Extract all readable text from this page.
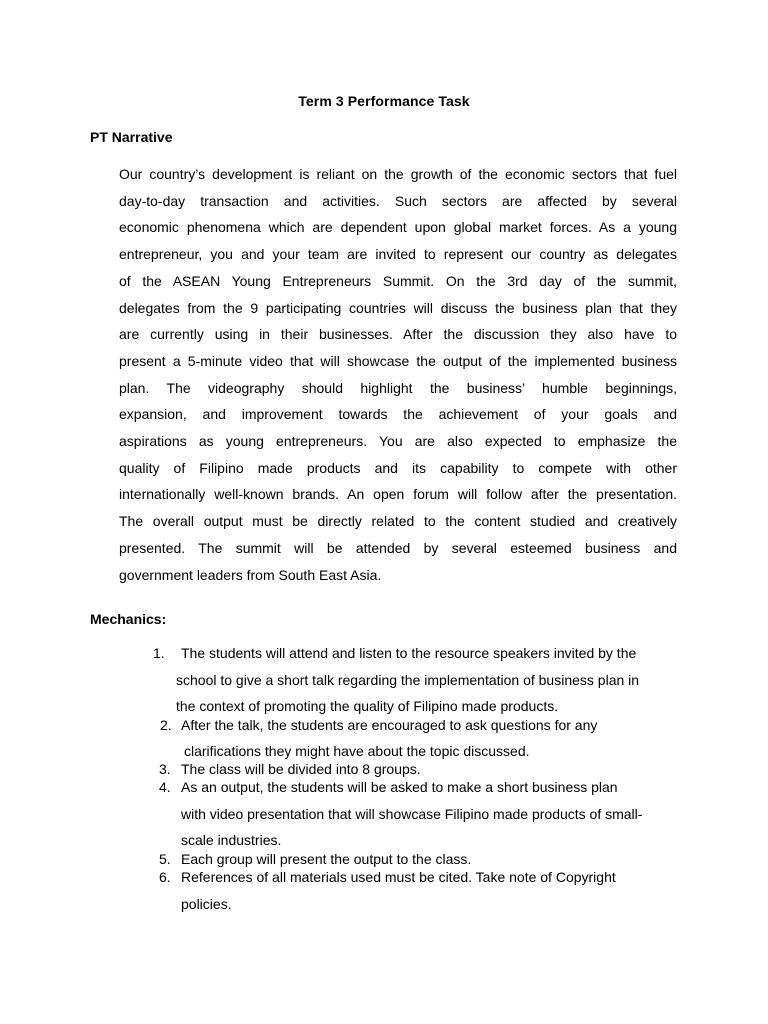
Term 3 Performance Task
PT Narrative
Our country’s development is reliant on the growth of the economic sectors that fuel
day-to-day transaction and activities. Such sectors are affected by several
economic phenomena which are dependent upon global market forces. As a young
entrepreneur, you and your team are invited to represent our country as delegates
of the ASEAN Young Entrepreneurs Summit. On the 3rd day of the summit,
delegates from the 9 participating countries will discuss the business plan that they
are currently using in their businesses. After the discussion they also have to
present a 5-minute video that will showcase the output of the implemented business
plan. The videography should highlight the business’ humble beginnings,
expansion, and improvement towards the achievement of your goals and
aspirations as young entrepreneurs. You are also expected to emphasize the
quality of Filipino made products and its capability to compete with other
internationally well-known brands. An open forum will follow after the presentation.
The overall output must be directly related to the content studied and creatively
presented. The summit will be attended by several esteemed business and
government leaders from South East Asia.
Mechanics:
1. The students will attend and listen to the resource speakers invited by the
school to give a short talk regarding the implementation of business plan in
the context of promoting the quality of Filipino made products.
2. After the talk, the students are encouraged to ask questions for any
clarifications they might have about the topic discussed.
3. The class will be divided into 8 groups.
4. As an output, the students will be asked to make a short business plan
with video presentation that will showcase Filipino made products of small-
scale industries.
5. Each group will present the output to the class.
6. References of all materials used must be cited. Take note of Copyright
policies.
